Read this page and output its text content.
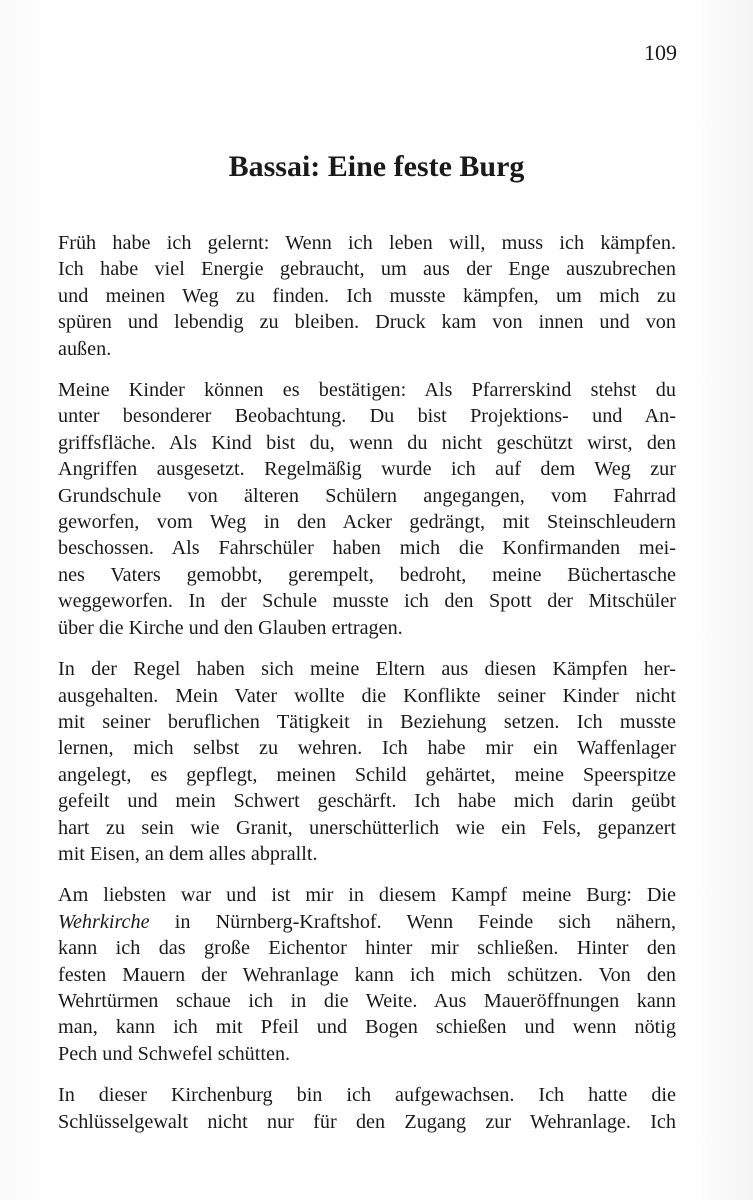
109
Bassai: Eine feste Burg

Früh habe ich gelernt: Wenn ich leben will, muss ich kämpfen.
Ich habe viel Energie gebraucht, um aus der Enge auszubrechen
und meinen Weg zu finden. Ich musste kämpfen, um mich zu
spüren und lebendig zu bleiben. Druck kam von innen und von
außen.

Meine Kinder können es bestätigen: Als Pfarrerskind stehst du
unter besonderer Beobachtung. Du bist Projektions- und An-
griffsfläche. Als Kind bist du, wenn du nicht geschützt wirst, den
Angriffen ausgesetzt. Regelmäßig wurde ich auf dem Weg zur
Grundschule von älteren Schülern angegangen, vom Fahrrad
geworfen, vom Weg in den Acker gedrängt, mit Steinschleudern
beschossen. Als Fahrschüler haben mich die Konfirmanden mei-
nes Vaters gemobbt, gerempelt, bedroht, meine Büchertasche
weggeworfen. In der Schule musste ich den Spott der Mitschüler
über die Kirche und den Glauben ertragen.

In der Regel haben sich meine Eltern aus diesen Kämpfen her-
ausgehalten. Mein Vater wollte die Konflikte seiner Kinder nicht
mit seiner beruflichen Tätigkeit in Beziehung setzen. Ich musste
lernen, mich selbst zu wehren. Ich habe mir ein Waffenlager
angelegt, es gepflegt, meinen Schild gehärtet, meine Speerspitze
gefeilt und mein Schwert geschärft. Ich habe mich darin geübt
hart zu sein wie Granit, unerschütterlich wie ein Fels, gepanzert
mit Eisen, an dem alles abprallt.

Am liebsten war und ist mir in diesem Kampf meine Burg: Die
Wehrkirche in Nürnberg-Kraftshof. Wenn Feinde sich nähern,
kann ich das große Eichentor hinter mir schließen. Hinter den
festen Mauern der Wehranlage kann ich mich schützen. Von den
Wehrtürmen schaue ich in die Weite. Aus Maueröffnungen kann
man, kann ich mit Pfeil und Bogen schießen und wenn nötig
Pech und Schwefel schütten.

In dieser Kirchenburg bin ich aufgewachsen. Ich hatte die
Schlüsselgewalt nicht nur für den Zugang zur Wehranlage. Ich
